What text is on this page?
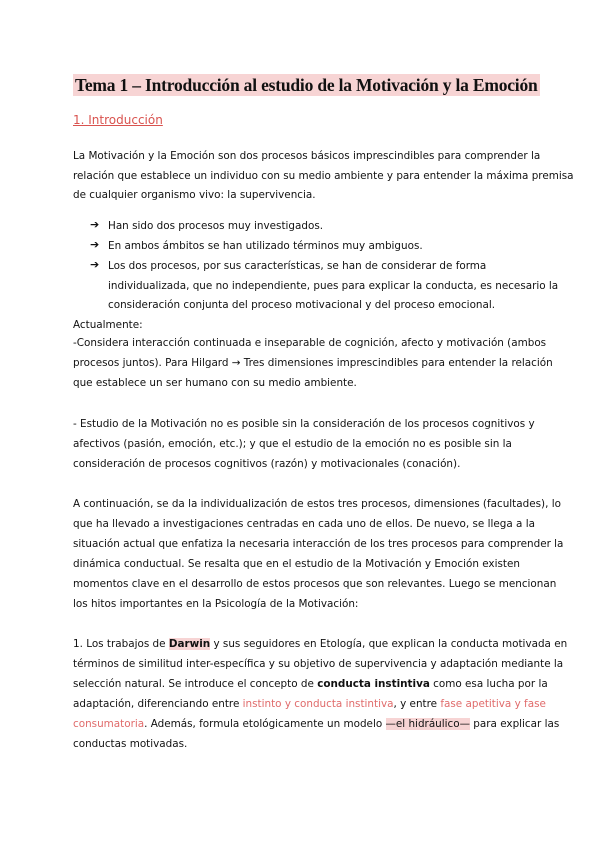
Tema 1 – Introducción al estudio de la Motivación y la Emoción
1. Introducción
La Motivación y la Emoción son dos procesos básicos imprescindibles para comprender la
relación que establece un individuo con su medio ambiente y para entender la máxima premisa
de cualquier organismo vivo: la supervivencia.
➔ Han sido dos procesos muy investigados.
➔ En ambos ámbitos se han utilizado términos muy ambiguos.
➔ Los dos procesos, por sus características, se han de considerar de forma
individualizada, que no independiente, pues para explicar la conducta, es necesario la
consideración conjunta del proceso motivacional y del proceso emocional.
Actualmente:
-Considera interacción continuada e inseparable de cognición, afecto y motivación (ambos
procesos juntos). Para Hilgard → Tres dimensiones imprescindibles para entender la relación
que establece un ser humano con su medio ambiente.
- Estudio de la Motivación no es posible sin la consideración de los procesos cognitivos y
afectivos (pasión, emoción, etc.); y que el estudio de la emoción no es posible sin la
consideración de procesos cognitivos (razón) y motivacionales (conación).
A continuación, se da la individualización de estos tres procesos, dimensiones (facultades), lo
que ha llevado a investigaciones centradas en cada uno de ellos. De nuevo, se llega a la
situación actual que enfatiza la necesaria interacción de los tres procesos para comprender la
dinámica conductual. Se resalta que en el estudio de la Motivación y Emoción existen
momentos clave en el desarrollo de estos procesos que son relevantes. Luego se mencionan
los hitos importantes en la Psicología de la Motivación:
1. Los trabajos de Darwin y sus seguidores en Etología, que explican la conducta motivada en
términos de similitud inter-específica y su objetivo de supervivencia y adaptación mediante la
selección natural. Se introduce el concepto de conducta instintiva como esa lucha por la
adaptación, diferenciando entre instinto y conducta instintiva, y entre fase apetitiva y fase
consumatoria. Además, formula etológicamente un modelo —el hidráulico— para explicar las
conductas motivadas.
